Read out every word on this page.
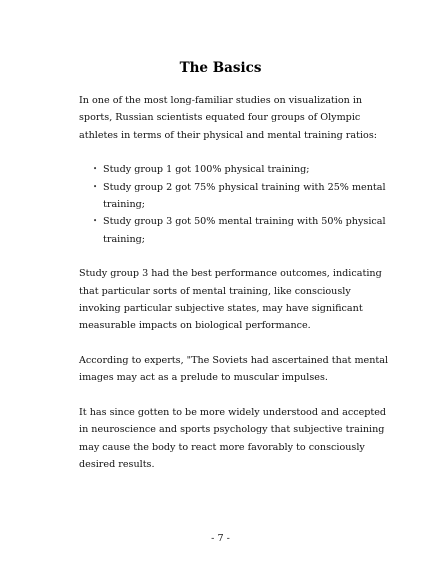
The Basics

In one of the most long-familiar studies on visualization in sports, Russian scientists equated four groups of Olympic athletes in terms of their physical and mental training ratios:

• Study group 1 got 100% physical training;
• Study group 2 got 75% physical training with 25% mental training;
• Study group 3 got 50% mental training with 50% physical training;

Study group 3 had the best performance outcomes, indicating that particular sorts of mental training, like consciously invoking particular subjective states, may have significant measurable impacts on biological performance.

According to experts, "The Soviets had ascertained that mental images may act as a prelude to muscular impulses.

It has since gotten to be more widely understood and accepted in neuroscience and sports psychology that subjective training may cause the body to react more favorably to consciously desired results.

- 7 -
